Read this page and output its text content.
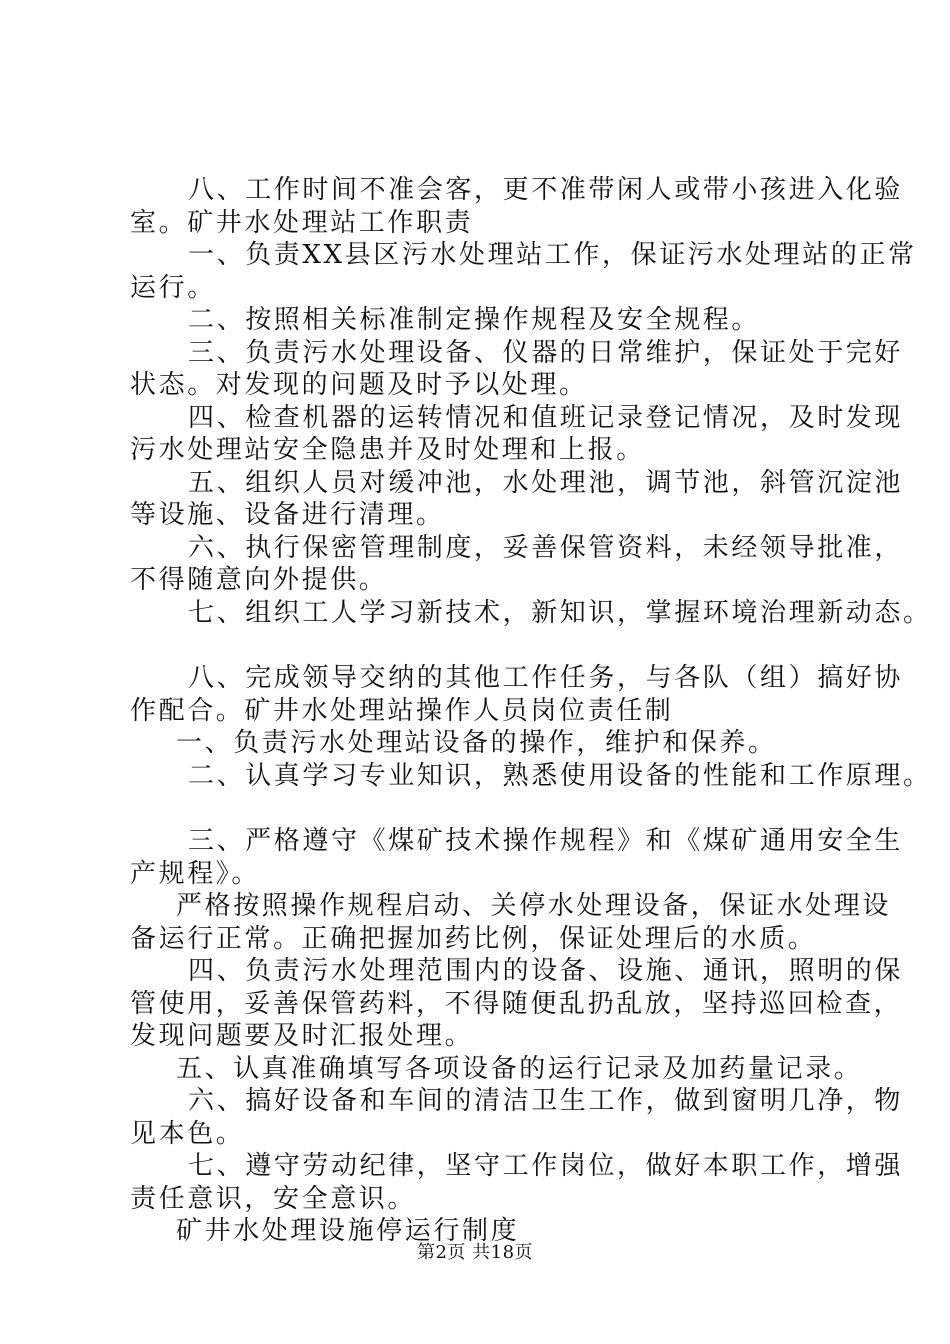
八、工作时间不准会客，更不准带闲人或带小孩进入化验
室。矿井水处理站工作职责
一、负责XX县区污水处理站工作，保证污水处理站的正常
运行。
二、按照相关标准制定操作规程及安全规程。
三、负责污水处理设备、仪器的日常维护，保证处于完好
状态。对发现的问题及时予以处理。
四、检查机器的运转情况和值班记录登记情况，及时发现
污水处理站安全隐患并及时处理和上报。
五、组织人员对缓冲池，水处理池，调节池，斜管沉淀池
等设施、设备进行清理。
六、执行保密管理制度，妥善保管资料，未经领导批准，
不得随意向外提供。
七、组织工人学习新技术，新知识，掌握环境治理新动态。
八、完成领导交纳的其他工作任务，与各队（组）搞好协
作配合。矿井水处理站操作人员岗位责任制
一、负责污水处理站设备的操作，维护和保养。
二、认真学习专业知识，熟悉使用设备的性能和工作原理。
三、严格遵守《煤矿技术操作规程》和《煤矿通用安全生
产规程》。
严格按照操作规程启动、关停水处理设备，保证水处理设
备运行正常。正确把握加药比例，保证处理后的水质。
四、负责污水处理范围内的设备、设施、通讯，照明的保
管使用，妥善保管药料，不得随便乱扔乱放，坚持巡回检查，
发现问题要及时汇报处理。
五、认真准确填写各项设备的运行记录及加药量记录。
六、搞好设备和车间的清洁卫生工作，做到窗明几净，物
见本色。
七、遵守劳动纪律，坚守工作岗位，做好本职工作，增强
责任意识，安全意识。
矿井水处理设施停运行制度
第2页 共18页
